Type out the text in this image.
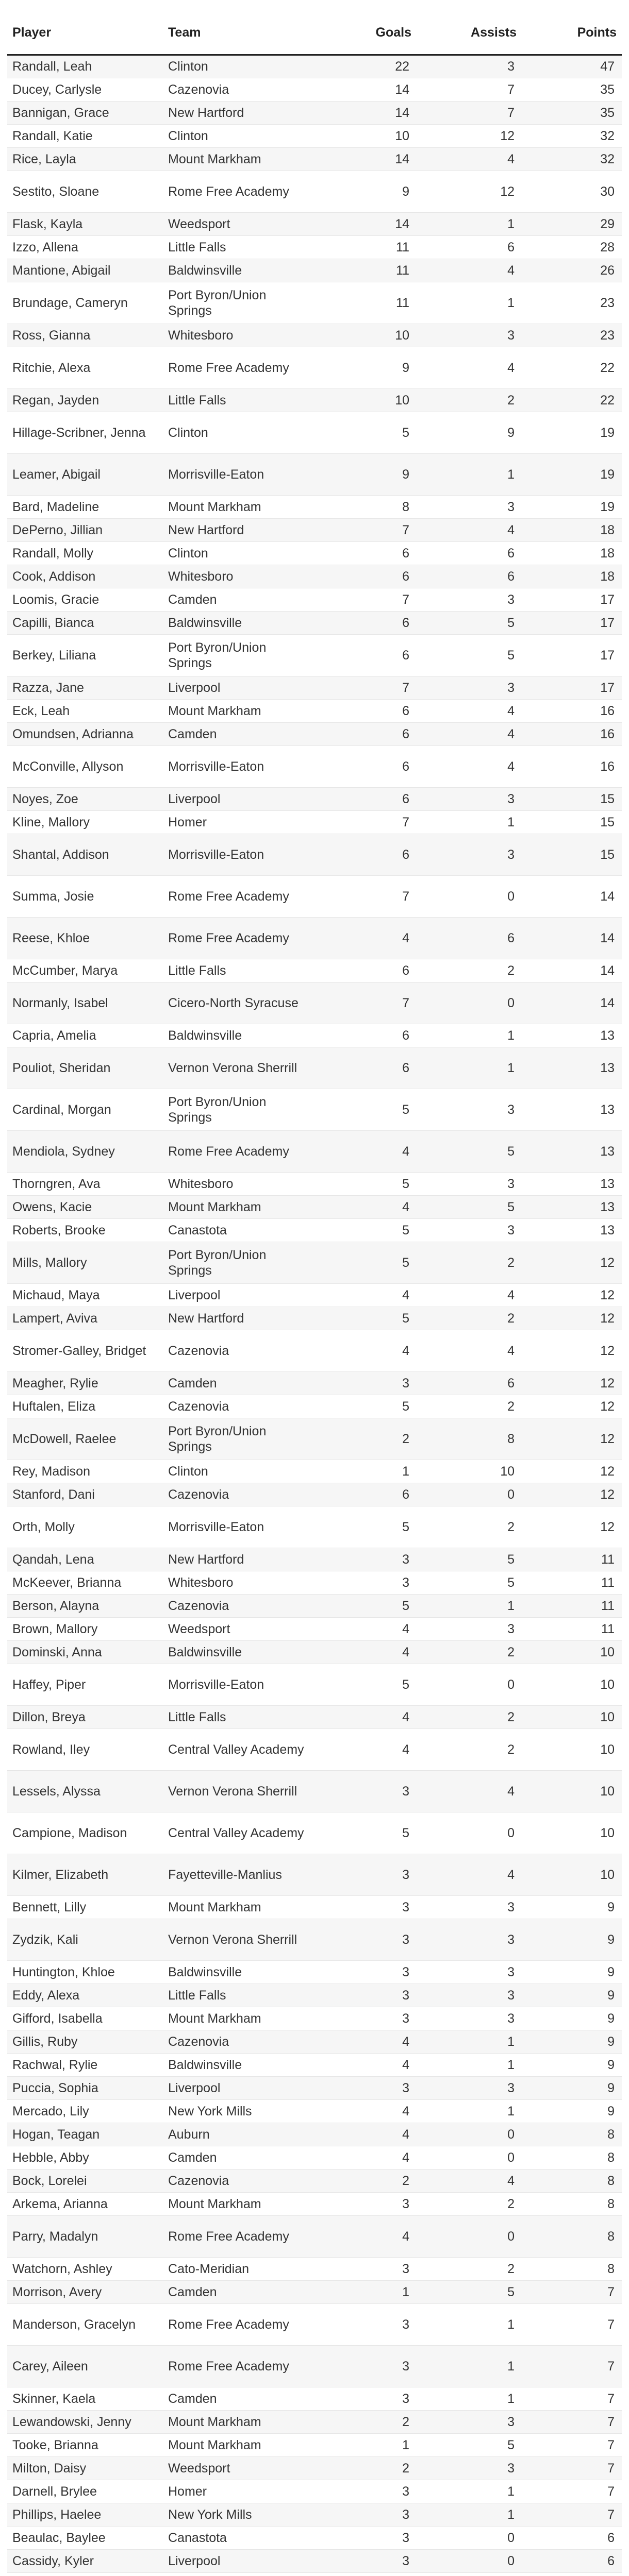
Player	Team	Goals	Assists	Points
Randall, Leah	Clinton	22	3	47
Ducey, Carlysle	Cazenovia	14	7	35
Bannigan, Grace	New Hartford	14	7	35
Randall, Katie	Clinton	10	12	32
Rice, Layla	Mount Markham	14	4	32
Sestito, Sloane	Rome Free Academy	9	12	30
Flask, Kayla	Weedsport	14	1	29
Izzo, Allena	Little Falls	11	6	28
Mantione, Abigail	Baldwinsville	11	4	26
Brundage, Cameryn	Port Byron/Union Springs	11	1	23
Ross, Gianna	Whitesboro	10	3	23
Ritchie, Alexa	Rome Free Academy	9	4	22
Regan, Jayden	Little Falls	10	2	22
Hillage-Scribner, Jenna	Clinton	5	9	19
Leamer, Abigail	Morrisville-Eaton	9	1	19
Bard, Madeline	Mount Markham	8	3	19
DePerno, Jillian	New Hartford	7	4	18
Randall, Molly	Clinton	6	6	18
Cook, Addison	Whitesboro	6	6	18
Loomis, Gracie	Camden	7	3	17
Capilli, Bianca	Baldwinsville	6	5	17
Berkey, Liliana	Port Byron/Union Springs	6	5	17
Razza, Jane	Liverpool	7	3	17
Eck, Leah	Mount Markham	6	4	16
Omundsen, Adrianna	Camden	6	4	16
McConville, Allyson	Morrisville-Eaton	6	4	16
Noyes, Zoe	Liverpool	6	3	15
Kline, Mallory	Homer	7	1	15
Shantal, Addison	Morrisville-Eaton	6	3	15
Summa, Josie	Rome Free Academy	7	0	14
Reese, Khloe	Rome Free Academy	4	6	14
McCumber, Marya	Little Falls	6	2	14
Normanly, Isabel	Cicero-North Syracuse	7	0	14
Capria, Amelia	Baldwinsville	6	1	13
Pouliot, Sheridan	Vernon Verona Sherrill	6	1	13
Cardinal, Morgan	Port Byron/Union Springs	5	3	13
Mendiola, Sydney	Rome Free Academy	4	5	13
Thorngren, Ava	Whitesboro	5	3	13
Owens, Kacie	Mount Markham	4	5	13
Roberts, Brooke	Canastota	5	3	13
Mills, Mallory	Port Byron/Union Springs	5	2	12
Michaud, Maya	Liverpool	4	4	12
Lampert, Aviva	New Hartford	5	2	12
Stromer-Galley, Bridget	Cazenovia	4	4	12
Meagher, Rylie	Camden	3	6	12
Huftalen, Eliza	Cazenovia	5	2	12
McDowell, Raelee	Port Byron/Union Springs	2	8	12
Rey, Madison	Clinton	1	10	12
Stanford, Dani	Cazenovia	6	0	12
Orth, Molly	Morrisville-Eaton	5	2	12
Qandah, Lena	New Hartford	3	5	11
McKeever, Brianna	Whitesboro	3	5	11
Berson, Alayna	Cazenovia	5	1	11
Brown, Mallory	Weedsport	4	3	11
Dominski, Anna	Baldwinsville	4	2	10
Haffey, Piper	Morrisville-Eaton	5	0	10
Dillon, Breya	Little Falls	4	2	10
Rowland, Iley	Central Valley Academy	4	2	10
Lessels, Alyssa	Vernon Verona Sherrill	3	4	10
Campione, Madison	Central Valley Academy	5	0	10
Kilmer, Elizabeth	Fayetteville-Manlius	3	4	10
Bennett, Lilly	Mount Markham	3	3	9
Zydzik, Kali	Vernon Verona Sherrill	3	3	9
Huntington, Khloe	Baldwinsville	3	3	9
Eddy, Alexa	Little Falls	3	3	9
Gifford, Isabella	Mount Markham	3	3	9
Gillis, Ruby	Cazenovia	4	1	9
Rachwal, Rylie	Baldwinsville	4	1	9
Puccia, Sophia	Liverpool	3	3	9
Mercado, Lily	New York Mills	4	1	9
Hogan, Teagan	Auburn	4	0	8
Hebble, Abby	Camden	4	0	8
Bock, Lorelei	Cazenovia	2	4	8
Arkema, Arianna	Mount Markham	3	2	8
Parry, Madalyn	Rome Free Academy	4	0	8
Watchorn, Ashley	Cato-Meridian	3	2	8
Morrison, Avery	Camden	1	5	7
Manderson, Gracelyn	Rome Free Academy	3	1	7
Carey, Aileen	Rome Free Academy	3	1	7
Skinner, Kaela	Camden	3	1	7
Lewandowski, Jenny	Mount Markham	2	3	7
Tooke, Brianna	Mount Markham	1	5	7
Milton, Daisy	Weedsport	2	3	7
Darnell, Brylee	Homer	3	1	7
Phillips, Haelee	New York Mills	3	1	7
Beaulac, Baylee	Canastota	3	0	6
Cassidy, Kyler	Liverpool	3	0	6
